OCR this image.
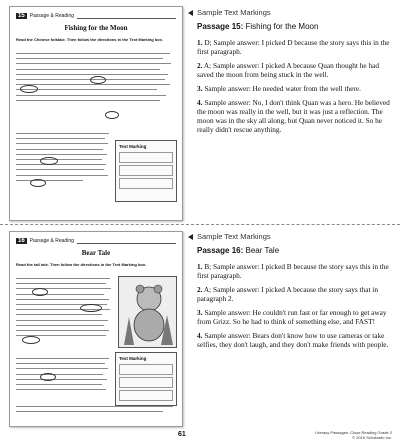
15	Passage & Reading
Fishing for the Moon
Read the Chinese folktale. Then follow the directions in the Text Marking box.
Text Marking
16	Passage & Reading
Bear Tale
Read the tall tale. Then follow the directions in the Text Marking box.
Text Marking
Sample Text Markings
Passage 15: Fishing for the Moon

1. D; Sample answer: I picked D because the story says this in the first paragraph.

2. A; Sample answer: I picked A because Quan thought he had saved the moon from being stuck in the well.

3. Sample answer: He needed water from the well there.

4. Sample answer: No, I don't think Quan was a hero. He believed the moon was really in the well, but it was just a reflection. The moon was in the sky all along, but Quan never noticed it. So he really didn't rescue anything.

Sample Text Markings
Passage 16: Bear Tale

1. B; Sample answer: I picked B because the story says this in the first paragraph.

2. A; Sample answer: I picked A because the story says that in paragraph 2.

3. Sample answer: He couldn't run fast or far enough to get away from Grizz. So he had to think of something else, and FAST!

4. Sample answer: Bears don't know how to use cameras or take selfies, they don't laugh, and they don't make friends with people.

61	Literacy Passages: Close Reading Grade 2
© 2016 Scholastic Inc.
